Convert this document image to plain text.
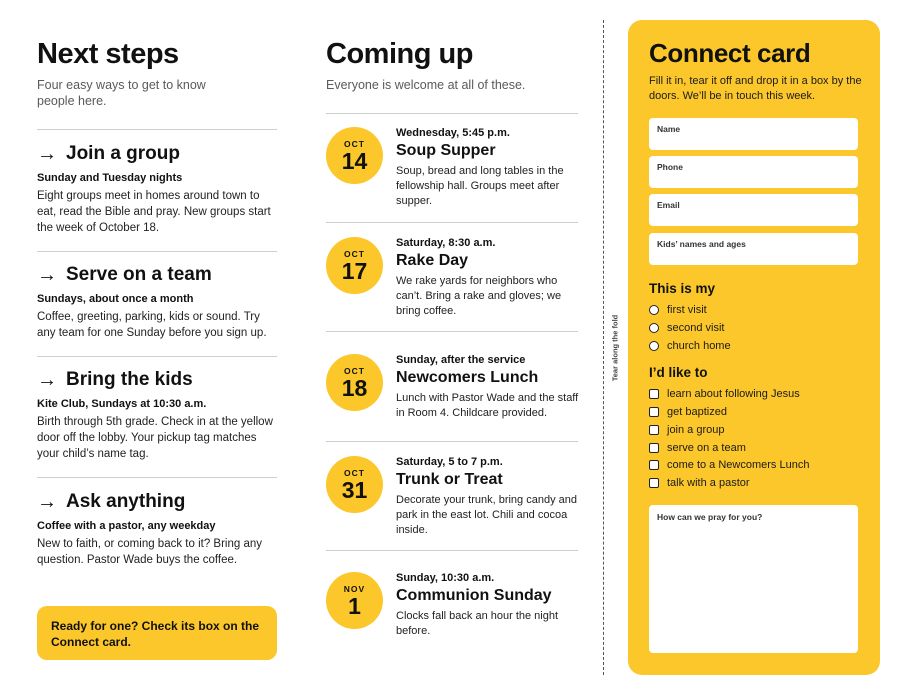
Next steps

Four easy ways to get to know people here.

→ Join a group
Sunday and Tuesday nights
Eight groups meet in homes around town to eat, read the Bible and pray. New groups start the week of October 18.
→ Serve on a team
Sundays, about once a month
Coffee, greeting, parking, kids or sound. Try any team for one Sunday before you sign up.
→ Bring the kids
Kite Club, Sundays at 10:30 a.m.
Birth through 5th grade. Check in at the yellow door off the lobby. Your pickup tag matches your child’s name tag.
→ Ask anything
Coffee with a pastor, any weekday
New to faith, or coming back to it? Bring any question. Pastor Wade buys the coffee.
Ready for one? Check its box on the Connect card.
Coming up

Everyone is welcome at all of these.

OCT
14
Wednesday, 5:45 p.m.
Soup Supper
Soup, bread and long tables in the fellowship hall. Groups meet after supper.
OCT
17
Saturday, 8:30 a.m.
Rake Day
We rake yards for neighbors who can’t. Bring a rake and gloves; we bring coffee.
OCT
18
Sunday, after the service
Newcomers Lunch
Lunch with Pastor Wade and the staff in Room 4. Childcare provided.
OCT
31
Saturday, 5 to 7 p.m.
Trunk or Treat
Decorate your trunk, bring candy and park in the east lot. Chili and cocoa inside.
NOV
1
Sunday, 10:30 a.m.
Communion Sunday
Clocks fall back an hour the night before.
Tear along the fold
Connect card
Fill it in, tear it off and drop it in a box by the doors. We’ll be in touch this week.
Name
Phone
Email
Kids’ names and ages
This is my
first visit
second visit
church home
I’d like to
learn about following Jesus
get baptized
join a group
serve on a team
come to a Newcomers Lunch
talk with a pastor
How can we pray for you?
